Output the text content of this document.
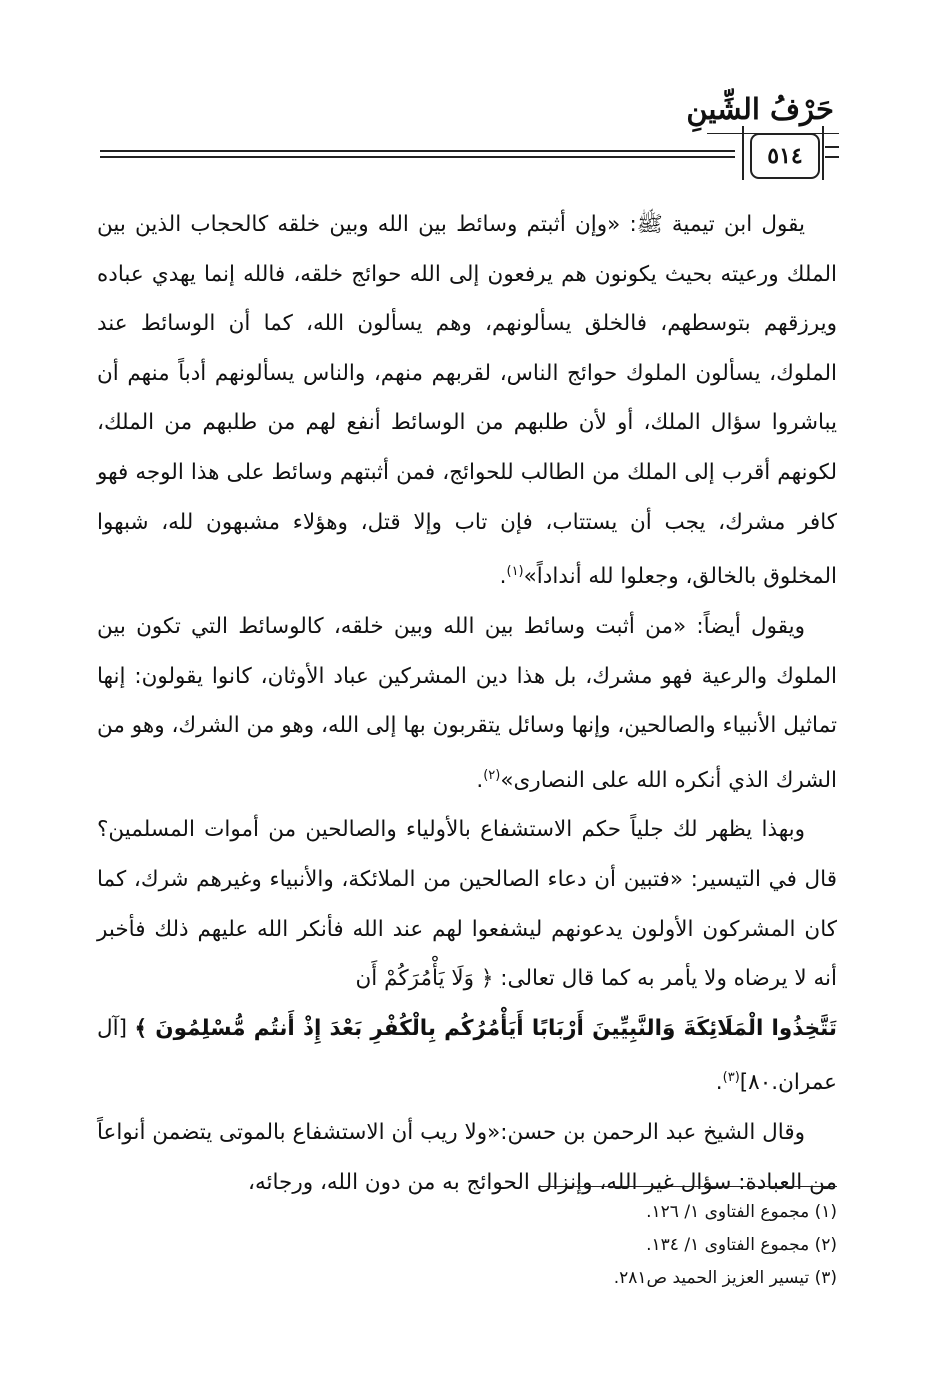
حَرْفُ الشِّينِ
٥١٤

يقول ابن تيمية ﷺ: «وإن أثبتم وسائط بين الله وبين خلقه كالحجاب الذين بين الملك ورعيته بحيث يكونون هم يرفعون إلى الله حوائج خلقه، فالله إنما يهدي عباده ويرزقهم بتوسطهم، فالخلق يسألونهم، وهم يسألون الله، كما أن الوسائط عند الملوك، يسألون الملوك حوائج الناس، لقربهم منهم، والناس يسألونهم أدباً منهم أن يباشروا سؤال الملك، أو لأن طلبهم من الوسائط أنفع لهم من طلبهم من الملك، لكونهم أقرب إلى الملك من الطالب للحوائج، فمن أثبتهم وسائط على هذا الوجه فهو كافر مشرك، يجب أن يستتاب، فإن تاب وإلا قتل، وهؤلاء مشبهون لله، شبهوا المخلوق بالخالق، وجعلوا لله أنداداً»$^{(١)}$.

ويقول أيضاً: «من أثبت وسائط بين الله وبين خلقه، كالوسائط التي تكون بين الملوك والرعية فهو مشرك، بل هذا دين المشركين عباد الأوثان، كانوا يقولون: إنها تماثيل الأنبياء والصالحين، وإنها وسائل يتقربون بها إلى الله، وهو من الشرك، وهو من الشرك الذي أنكره الله على النصارى»$^{(٢)}$.

وبهذا يظهر لك جلياً حكم الاستشفاع بالأولياء والصالحين من أموات المسلمين؟ قال في التيسير: «فتبين أن دعاء الصالحين من الملائكة، والأنبياء وغيرهم شرك، كما كان المشركون الأولون يدعونهم ليشفعوا لهم عند الله فأنكر الله عليهم ذلك فأخبر أنه لا يرضاه ولا يأمر به كما قال تعالى: ﴿ وَلَا يَأْمُرَكُمْ أَن
تَتَّخِذُوا الْمَلَائِكَةَ وَالنَّبِيِّينَ أَرْبَابًا أَيَأْمُرُكُم بِالْكُفْرِ بَعْدَ إِذْ أَنتُم مُّسْلِمُونَ ﴾ [آل عمران.٨٠]$^{(٣)}$.

وقال الشيخ عبد الرحمن بن حسن:«ولا ريب أن الاستشفاع بالموتى يتضمن أنواعاً من العبادة: سؤال غير الله، وإنزال الحوائج به من دون الله، ورجائه،

(١) مجموع الفتاوى ١/ ١٢٦.
(٢) مجموع الفتاوى ١/ ١٣٤.
(٣) تيسير العزيز الحميد ص٢٨١.
